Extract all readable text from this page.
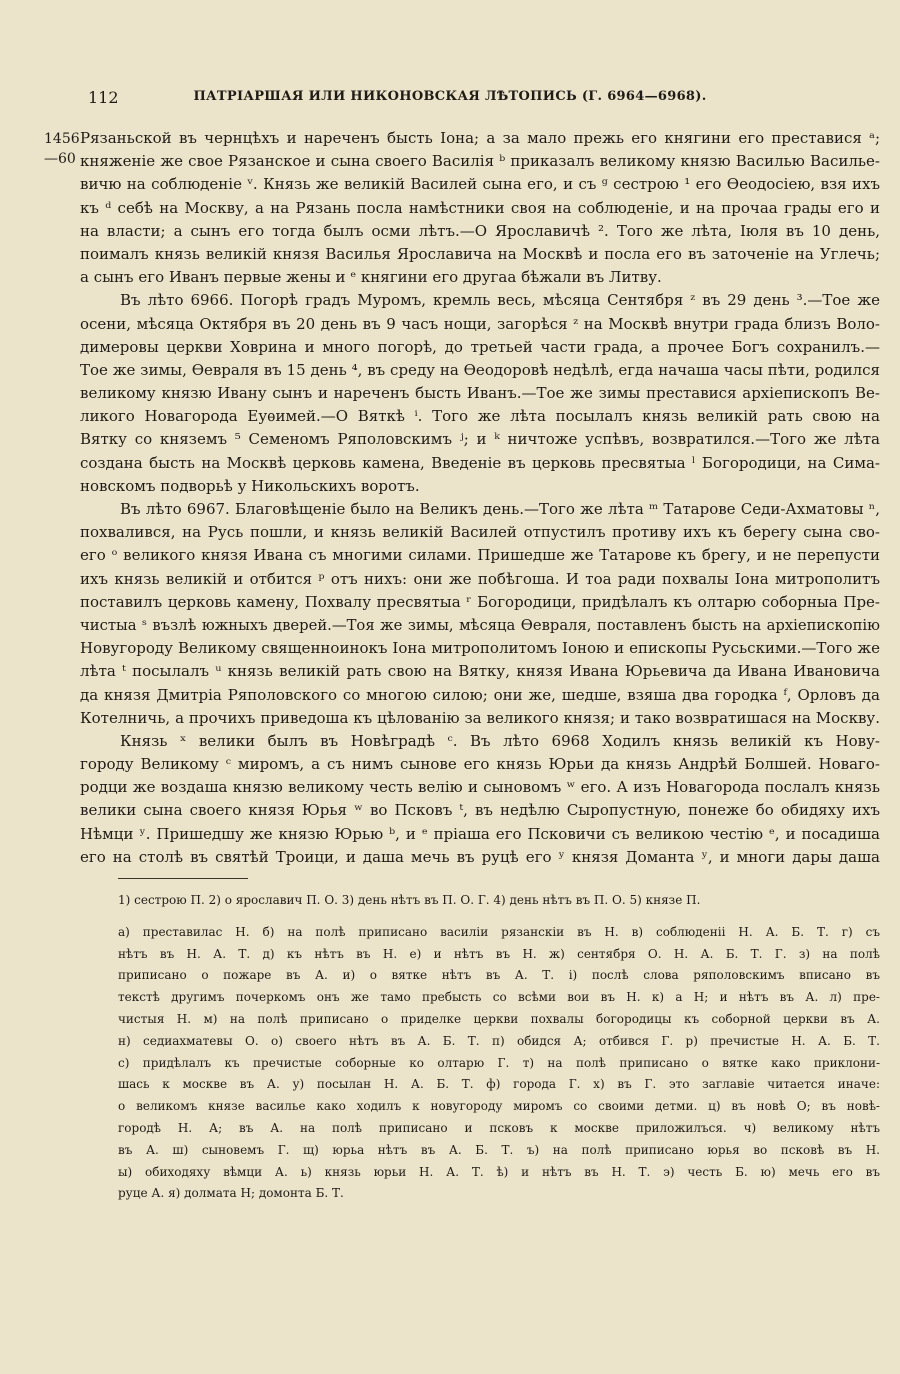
112	ПАТРІАРШАЯ ИЛИ НИКОНОВСКАЯ ЛѢТОПИСЬ (Г. 6964—6968).
1456
—60
Рязаньской въ чернцѣхъ и нареченъ бысть Іона; а за мало прежь его княгини его преставися ᵃ;
княженіе же свое Рязанское и сына своего Василія ᵇ приказалъ великому князю Василью Василье-
вичю на соблюденіе ᵛ. Князь же великій Василей сына его, и съ ᵍ сестрою ¹ его Ѳеодосіею, взя ихъ
къ ᵈ себѣ на Москву, а на Рязань посла намѣстники своя на соблюденіе, и на прочаа грады его и
на власти; а сынъ его тогда былъ осми лѣтъ.—О Ярославичѣ ². Того же лѣта, Іюля въ 10 день,
поималъ князь великій князя Василья Ярославича на Москвѣ и посла его въ заточеніе на Углечь;
а сынъ его Иванъ первые жены и ᵉ княгини его другаа бѣжали въ Литву.
Въ лѣто 6966. Погорѣ градъ Муромъ, кремль весь, мѣсяца Сентября ᶻ въ 29 день ³.—Тое же
осени, мѣсяца Октября въ 20 день въ 9 часъ нощи, загорѣся ᶻ на Москвѣ внутри града близъ Воло-
димеровы церкви Ховрина и много погорѣ, до третьей части града, а прочее Богъ сохранилъ.—
Тое же зимы, Ѳевраля въ 15 день ⁴, въ среду на Ѳеодоровѣ недѣлѣ, егда начаша часы пѣти, родился
великому князю Ивану сынъ и нареченъ бысть Иванъ.—Тое же зимы преставися архіепископъ Ве-
ликого Новагорода Еуѳимей.—О Вяткѣ ⁱ. Того же лѣта посылалъ князь великій рать свою на
Вятку со княземъ ⁵ Семеномъ Ряполовскимъ ʲ; и ᵏ ничтоже успѣвъ, возвратился.—Того же лѣта
создана бысть на Москвѣ церковь камена, Введеніе въ церковь пресвятыа ˡ Богородици, на Сима-
новскомъ подворьѣ у Никольскихъ воротъ.
Въ лѣто 6967. Благовѣщеніе было на Великъ день.—Того же лѣта ᵐ Татарове Седи-Ахматовы ⁿ,
похвалився, на Русь пошли, и князь великій Василей отпустилъ противу ихъ къ берегу сына сво-
его ᵒ великого князя Ивана съ многими силами. Пришедше же Татарове къ брегу, и не перепусти
ихъ князь великій и отбится ᵖ отъ нихъ: они же побѣгоша. И тоа ради похвалы Іона митрополитъ
поставилъ церковь камену, Похвалу пресвятыа ʳ Богородици, придѣлалъ къ олтарю соборныа Пре-
чистыа ˢ възлѣ южныхъ дверей.—Тоя же зимы, мѣсяца Ѳевраля, поставленъ бысть на архіепископію
Новугороду Великому священноинокъ Іона митрополитомъ Іоною и епископы Русьскими.—Того же
лѣта ᵗ посылалъ ᵘ князь великій рать свою на Вятку, князя Ивана Юрьевича да Ивана Ивановича
да князя Дмитріа Ряполовского со многою силою; они же, шедше, взяша два городка ᶠ, Орловъ да
Котелничь, а прочихъ приведоша къ цѣлованію за великого князя; и тако возвратишася на Москву.
Князь ˣ велики былъ въ Новѣградѣ ᶜ. Въ лѣто 6968 Ходилъ князь великій къ Нову-
городу Великому ᶜ миромъ, а съ нимъ сынове его князь Юрьи да князь Андрѣй Болшей. Новаго-
родци же воздаша князю великому честь велію и сыновомъ ʷ его. А изъ Новагорода послалъ князь
велики сына своего князя Юрья ʷ во Псковъ ᵗ, въ недѣлю Сыропустную, понеже бо обидяху ихъ
Нѣмци ʸ. Пришедшу же князю Юрью ᵇ, и ᵉ пріаша его Псковичи съ великою честію ᵉ, и посадиша
его на столѣ въ святѣй Троици, и даша мечь въ руцѣ его ʸ князя Доманта ʸ, и многи дары даша
1) сестрою П. 2) о ярославич П. О. 3) день нѣтъ въ П. О. Г. 4) день нѣтъ въ П. О. 5) князе П.
а) преставилас Н. б) на полѣ приписано василіи рязанскіи въ Н. в) соблюденіі Н. А. Б. Т. г) съ
нѣтъ въ Н. А. Т. д) къ нѣтъ въ Н. е) и нѣтъ въ Н. ж) сентября О. Н. А. Б. Т. Г. з) на полѣ
приписано о пожаре въ А. и) о вятке нѣтъ въ А. Т. і) послѣ слова ряполовскимъ вписано въ
текстѣ другимъ почеркомъ онъ же тамо пребысть со всѣми вои въ Н. к) а Н; и нѣтъ въ А. л) пре-
чистыя Н. м) на полѣ приписано о приделке церкви похвалы богородицы къ соборной церкви въ А.
н) седиахматевы О. о) своего нѣтъ въ А. Б. Т. п) обидся А; отбився Г. р) пречистые Н. А. Б. Т.
с) придѣлалъ къ пречистые соборные ко олтарю Г. т) на полѣ приписано о вятке како приклони-
шась к москве въ А. у) посылан Н. А. Б. Т. ф) города Г. х) въ Г. это заглавіе читается иначе:
о великомъ князе василье како ходилъ к новугороду миромъ со своими детми. ц) въ новѣ О; въ новѣ-
городѣ Н. А; въ А. на полѣ приписано и псковъ к москве приложилъся. ч) великому нѣтъ
въ А. ш) сыновемъ Г. щ) юрьа нѣтъ въ А. Б. Т. ъ) на полѣ приписано юрья во псковѣ въ Н.
ы) обиходяху вѣмци А. ь) князь юрьи Н. А. Т. ѣ) и нѣтъ въ Н. Т. э) честь Б. ю) мечь его въ
руце А. я) долмата Н; домонта Б. Т.
